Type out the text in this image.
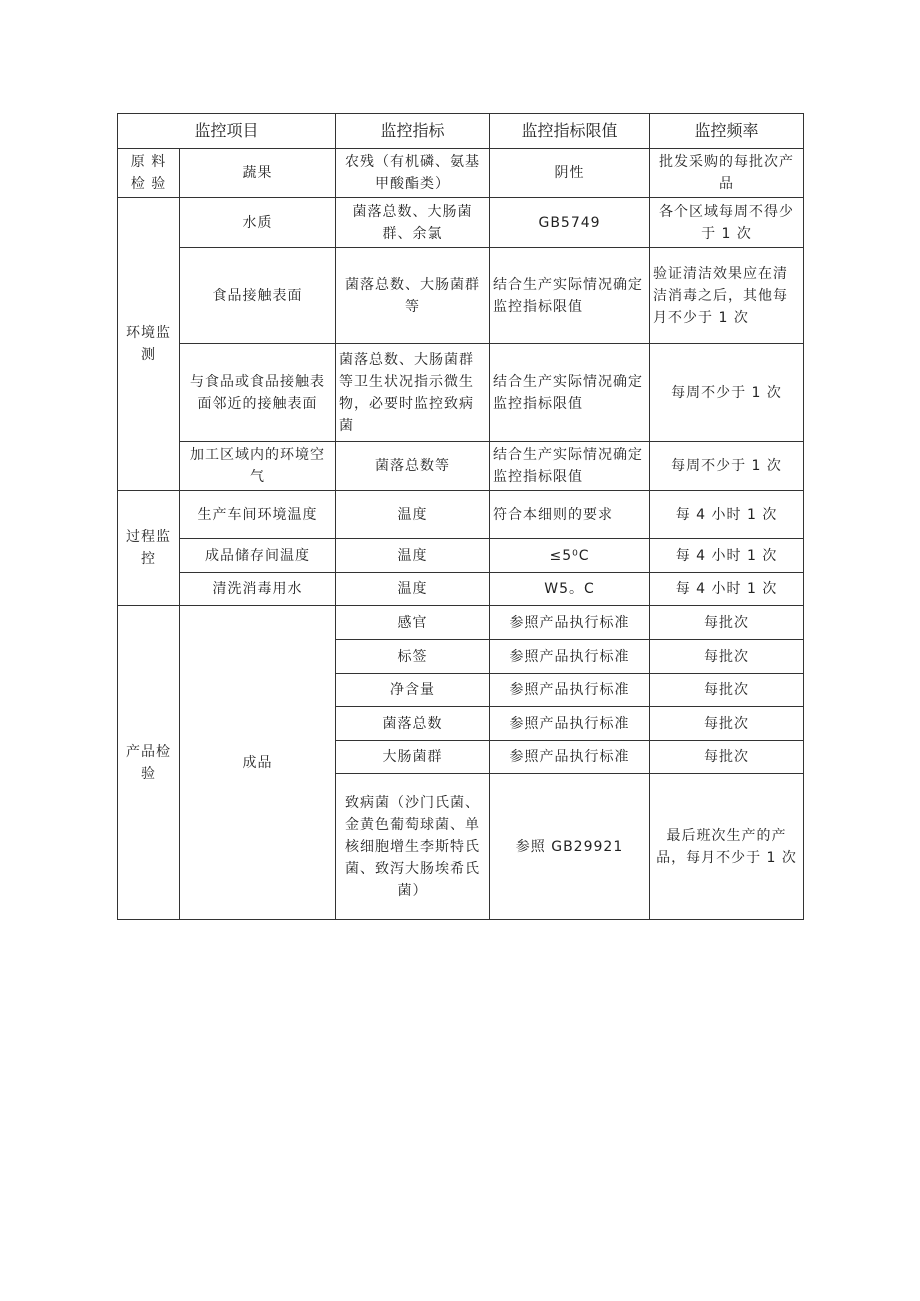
监控项目		监控指标	监控指标限值	监控频率
原 料 检 验	蔬果	农残（有机磷、氨基甲酸酯类）	阴性	批发采购的每批次产品
环境监测	水质	菌落总数、大肠菌群、余氯	GB5749	各个区域每周不得少于 1 次
	食品接触表面	菌落总数、大肠菌群等	结合生产实际情况确定监控指标限值	验证清洁效果应在清洁消毒之后，其他每月不少于 1 次
	与食品或食品接触表面邻近的接触表面	菌落总数、大肠菌群等卫生状况指示微生物，必要时监控致病菌	结合生产实际情况确定监控指标限值	每周不少于 1 次
	加工区域内的环境空气	菌落总数等	结合生产实际情况确定监控指标限值	每周不少于 1 次
过程监控	生产车间环境温度	温度	符合本细则的要求	每 4 小时 1 次
	成品储存间温度	温度	≤5⁰C	每 4 小时 1 次
	清洗消毒用水	温度	W5。C	每 4 小时 1 次
产品检验	成品	感官	参照产品执行标准	每批次
		标签	参照产品执行标准	每批次
		净含量	参照产品执行标准	每批次
		菌落总数	参照产品执行标准	每批次
		大肠菌群	参照产品执行标准	每批次
		致病菌（沙门氏菌、金黄色葡萄球菌、单核细胞增生李斯特氏菌、致泻大肠埃希氏菌）	参照 GB29921	最后班次生产的产品，每月不少于 1 次
